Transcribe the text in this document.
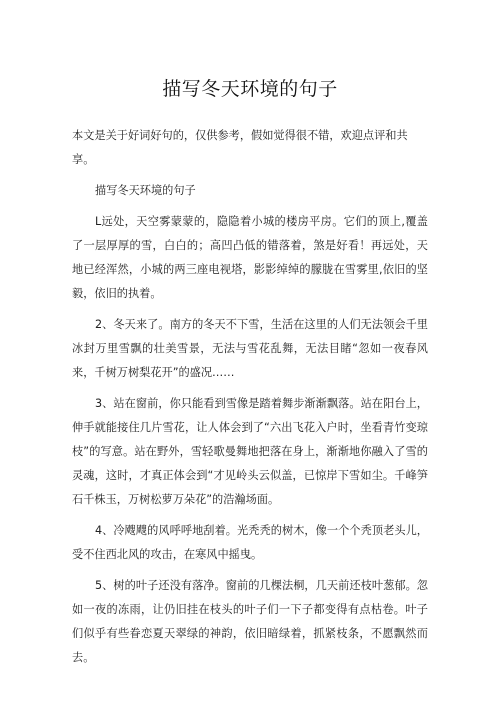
描写冬天环境的句子

本文是关于好词好句的，仅供参考，假如觉得很不错，欢迎点评和共享。

描写冬天环境的句子

L远处，天空雾蒙蒙的，隐隐着小城的楼房平房。它们的顶上,覆盖了一层厚厚的雪，白白的；高凹凸低的错落着，煞是好看！再远处，天地已经浑然，小城的两三座电视塔，影影绰绰的朦胧在雪雾里,依旧的坚毅，依旧的执着。

2、冬天来了。南方的冬天不下雪，生活在这里的人们无法领会千里冰封万里雪飘的壮美雪景，无法与雪花乱舞，无法目睹“忽如一夜春风来，千树万树梨花开”的盛况……

3、站在窗前，你只能看到雪像是踏着舞步渐渐飘落。站在阳台上，伸手就能接住几片雪花，让人体会到了“六出飞花入户时，坐看青竹变琼枝”的写意。站在野外，雪轻歌曼舞地把落在身上，渐渐地你融入了雪的灵魂，这时，才真正体会到“才见岭头云似盖，已惊岸下雪如尘。千峰笋石千株玉，万树松萝万朵花”的浩瀚场面。

4、冷飕飕的风呼呼地刮着。光秃秃的树木，像一个个秃顶老头儿，受不住西北风的攻击，在寒风中摇曳。

5、树的叶子还没有落净。窗前的几棵法桐，几天前还枝叶葱郁。忽如一夜的冻雨，让仍旧挂在枝头的叶子们一下子都变得有点枯卷。叶子们似乎有些眷恋夏天翠绿的神韵，依旧暗绿着，抓紧枝条，不愿飘然而去。
